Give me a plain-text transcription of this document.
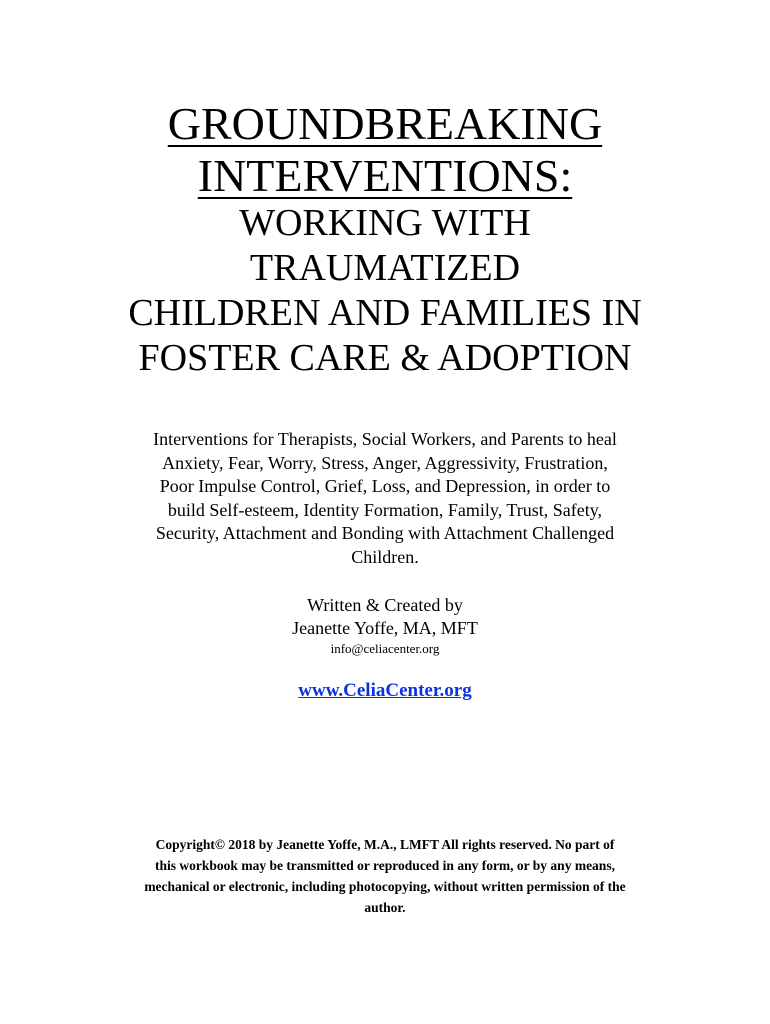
GROUNDBREAKING
INTERVENTIONS:
WORKING WITH
TRAUMATIZED
CHILDREN AND FAMILIES IN
FOSTER CARE & ADOPTION
Interventions for Therapists, Social Workers, and Parents to heal
Anxiety, Fear, Worry, Stress, Anger, Aggressivity, Frustration,
Poor Impulse Control, Grief, Loss, and Depression, in order to
build Self-esteem, Identity Formation, Family, Trust, Safety,
Security, Attachment and Bonding with Attachment Challenged
Children.
Written & Created by
Jeanette Yoffe, MA, MFT
info@celiacenter.org
www.CeliaCenter.org
Copyright© 2018 by Jeanette Yoffe, M.A., LMFT All rights reserved. No part of
this workbook may be transmitted or reproduced in any form, or by any means,
mechanical or electronic, including photocopying, without written permission of the
author.
